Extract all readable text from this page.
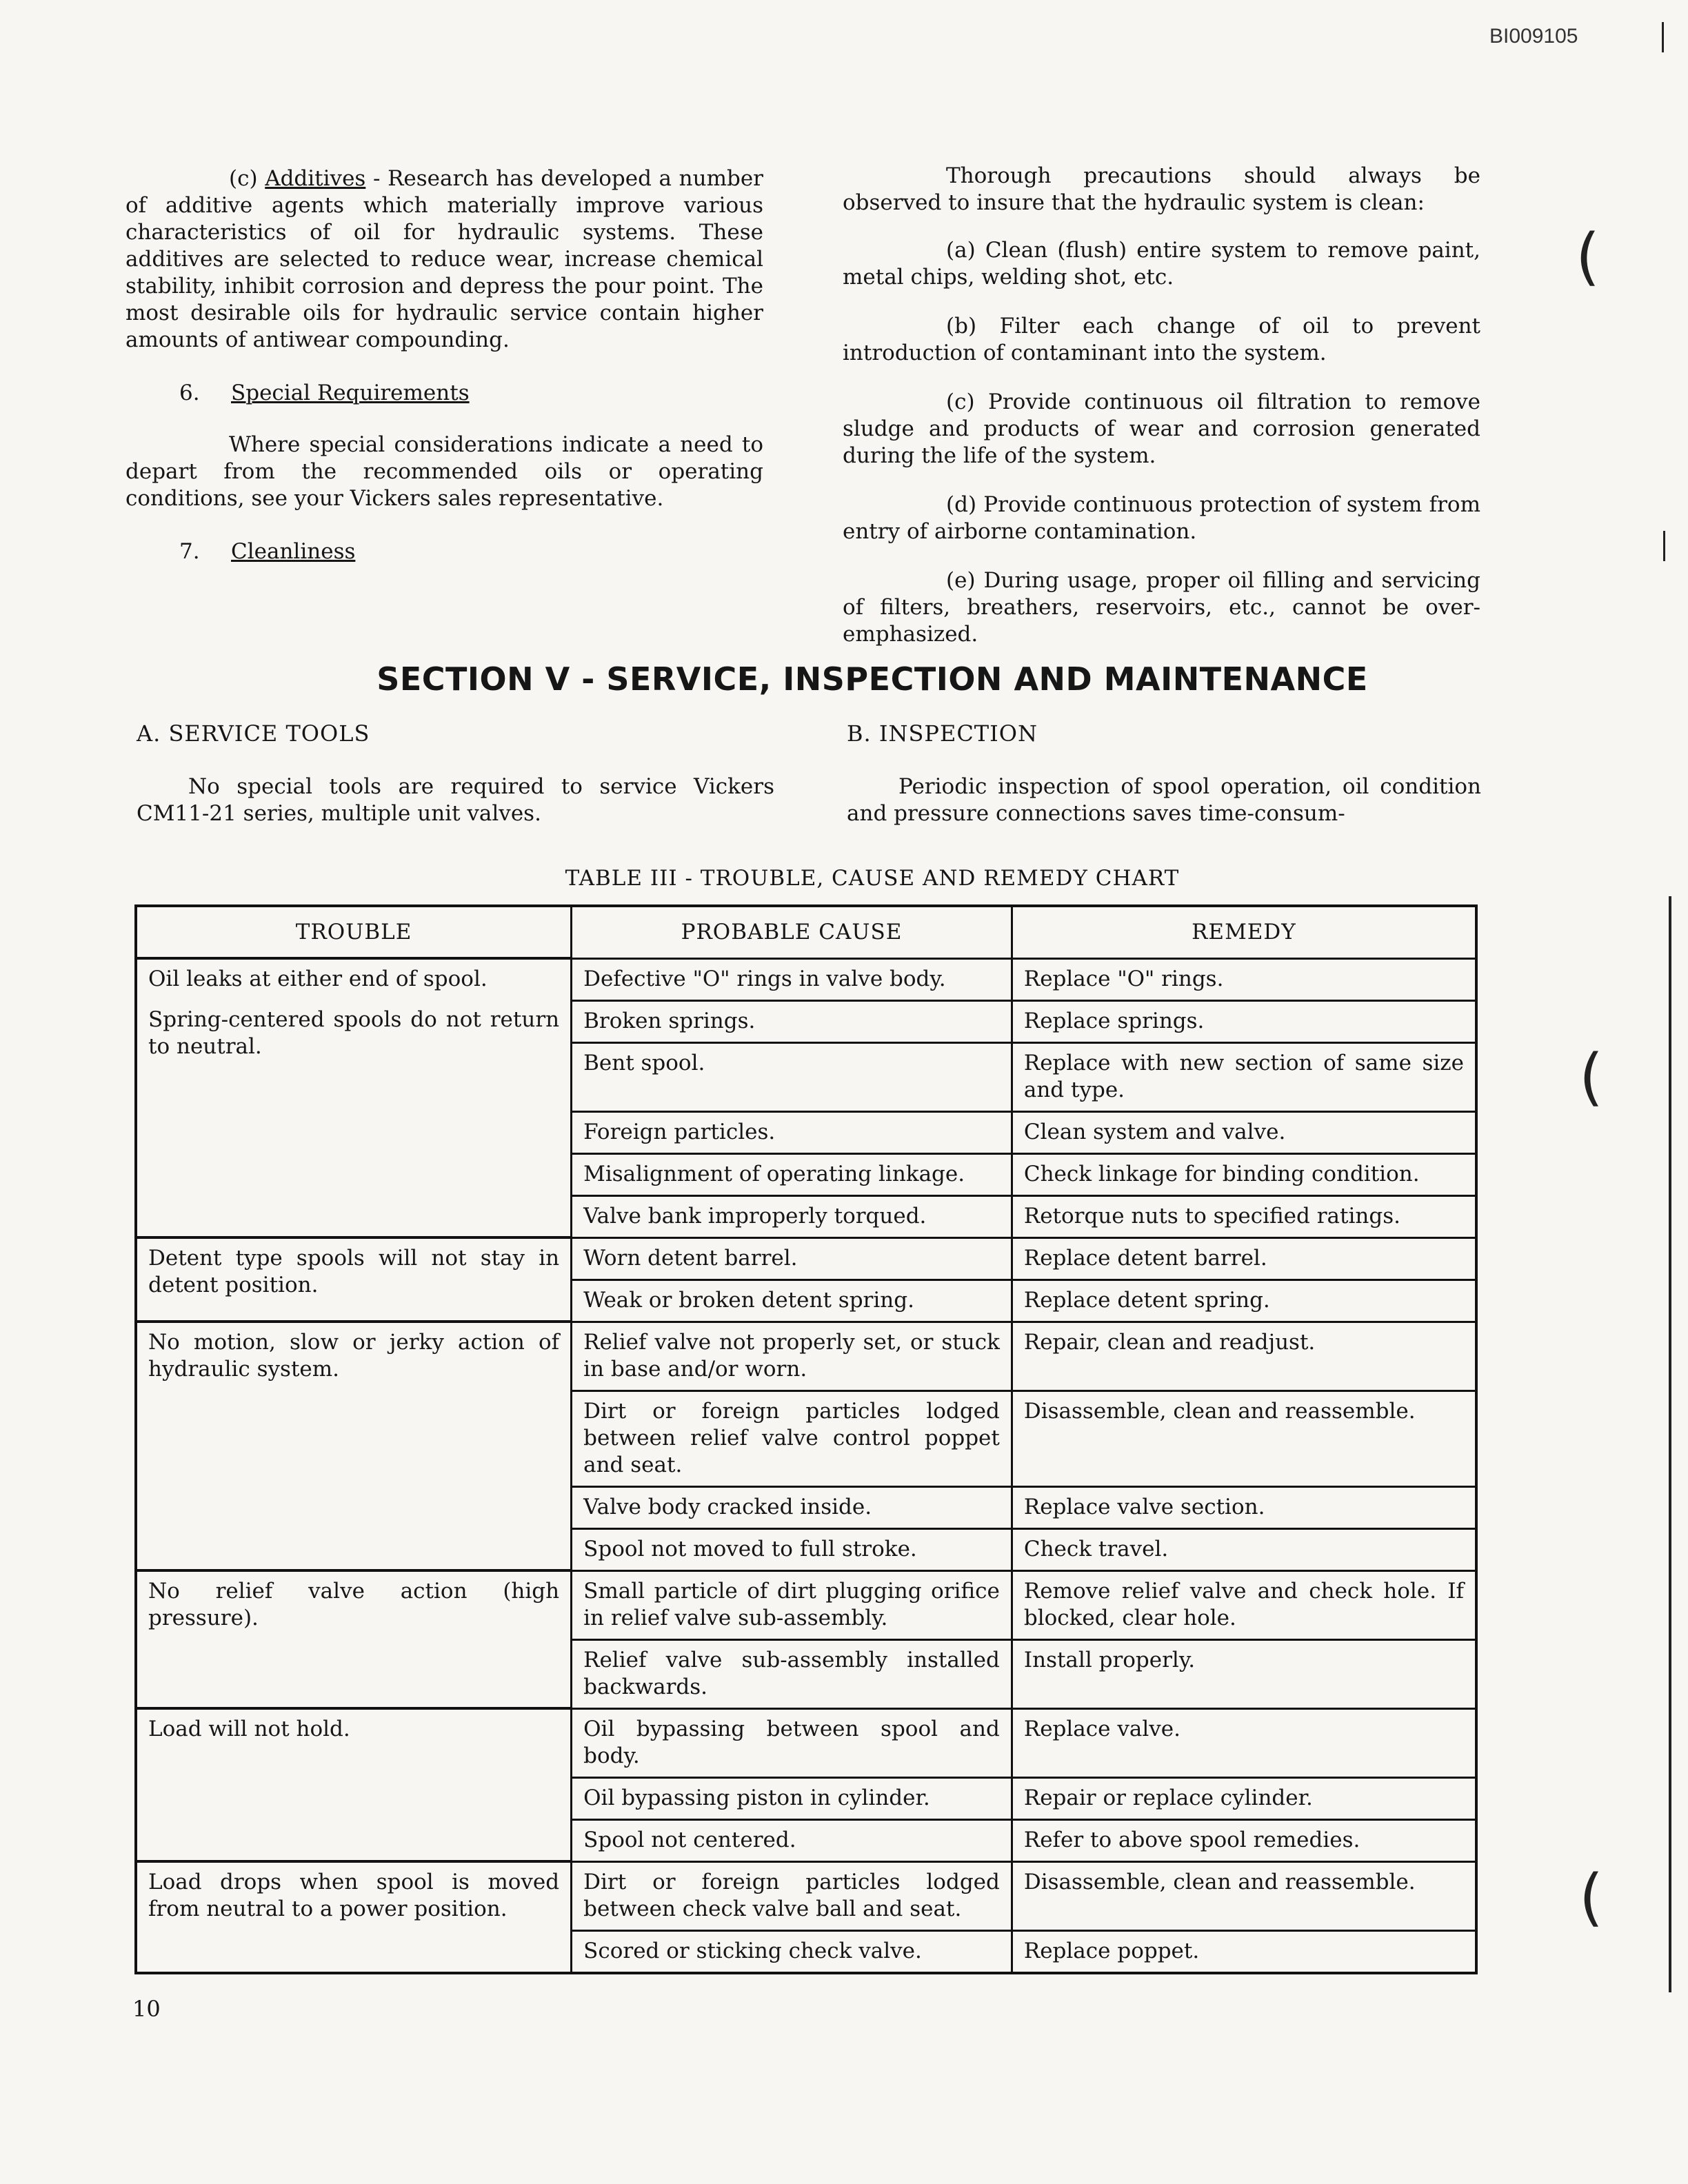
BI009105
(
(
(

(c) Additives - Research has developed a number of additive agents which materially improve various characteristics of oil for hydraulic systems. These additives are selected to reduce wear, increase chemical stability, inhibit corrosion and depress the pour point. The most desirable oils for hydraulic service contain higher amounts of antiwear compounding.

6. Special Requirements

Where special considerations indicate a need to depart from the recommended oils or operating conditions, see your Vickers sales representative.

7. Cleanliness

Thorough precautions should always be observed to insure that the hydraulic system is clean:

(a) Clean (flush) entire system to remove paint, metal chips, welding shot, etc.

(b) Filter each change of oil to prevent introduction of contaminant into the system.

(c) Provide continuous oil filtration to remove sludge and products of wear and corrosion generated during the life of the system.

(d) Provide continuous protection of system from entry of airborne contamination.

(e) During usage, proper oil filling and servicing of filters, breathers, reservoirs, etc., cannot be over-emphasized.

SECTION V - SERVICE, INSPECTION AND MAINTENANCE
A. SERVICE TOOLS

No special tools are required to service Vickers CM11-21 series, multiple unit valves.

B. INSPECTION

Periodic inspection of spool operation, oil condition and pressure connections saves time-consum-

TABLE III - TROUBLE, CAUSE AND REMEDY CHART
TROUBLE	PROBABLE CAUSE	REMEDY

Oil leaks at either end of spool.
Spring-centered spools do not return to neutral.	Defective "O" rings in valve body.	Replace "O" rings.
	Broken springs.	Replace springs.
	Bent spool.	Replace with new section of same size and type.
	Foreign particles.	Clean system and valve.
	Misalignment of operating linkage.	Check linkage for binding condition.
	Valve bank improperly torqued.	Retorque nuts to specified ratings.

Detent type spools will not stay in detent position.	Worn detent barrel.	Replace detent barrel.
	Weak or broken detent spring.	Replace detent spring.

No motion, slow or jerky action of hydraulic system.	Relief valve not properly set, or stuck in base and/or worn.	Repair, clean and readjust.
	Dirt or foreign particles lodged between relief valve control poppet and seat.	Disassemble, clean and reassemble.
	Valve body cracked inside.	Replace valve section.
	Spool not moved to full stroke.	Check travel.

No relief valve action (high pressure).	Small particle of dirt plugging orifice in relief valve sub-assembly.	Remove relief valve and check hole. If blocked, clear hole.
	Relief valve sub-assembly installed backwards.	Install properly.

Load will not hold.	Oil bypassing between spool and body.	Replace valve.
	Oil bypassing piston in cylinder.	Repair or replace cylinder.
	Spool not centered.	Refer to above spool remedies.

Load drops when spool is moved from neutral to a power position.	Dirt or foreign particles lodged between check valve ball and seat.	Disassemble, clean and reassemble.
	Scored or sticking check valve.	Replace poppet.
10
